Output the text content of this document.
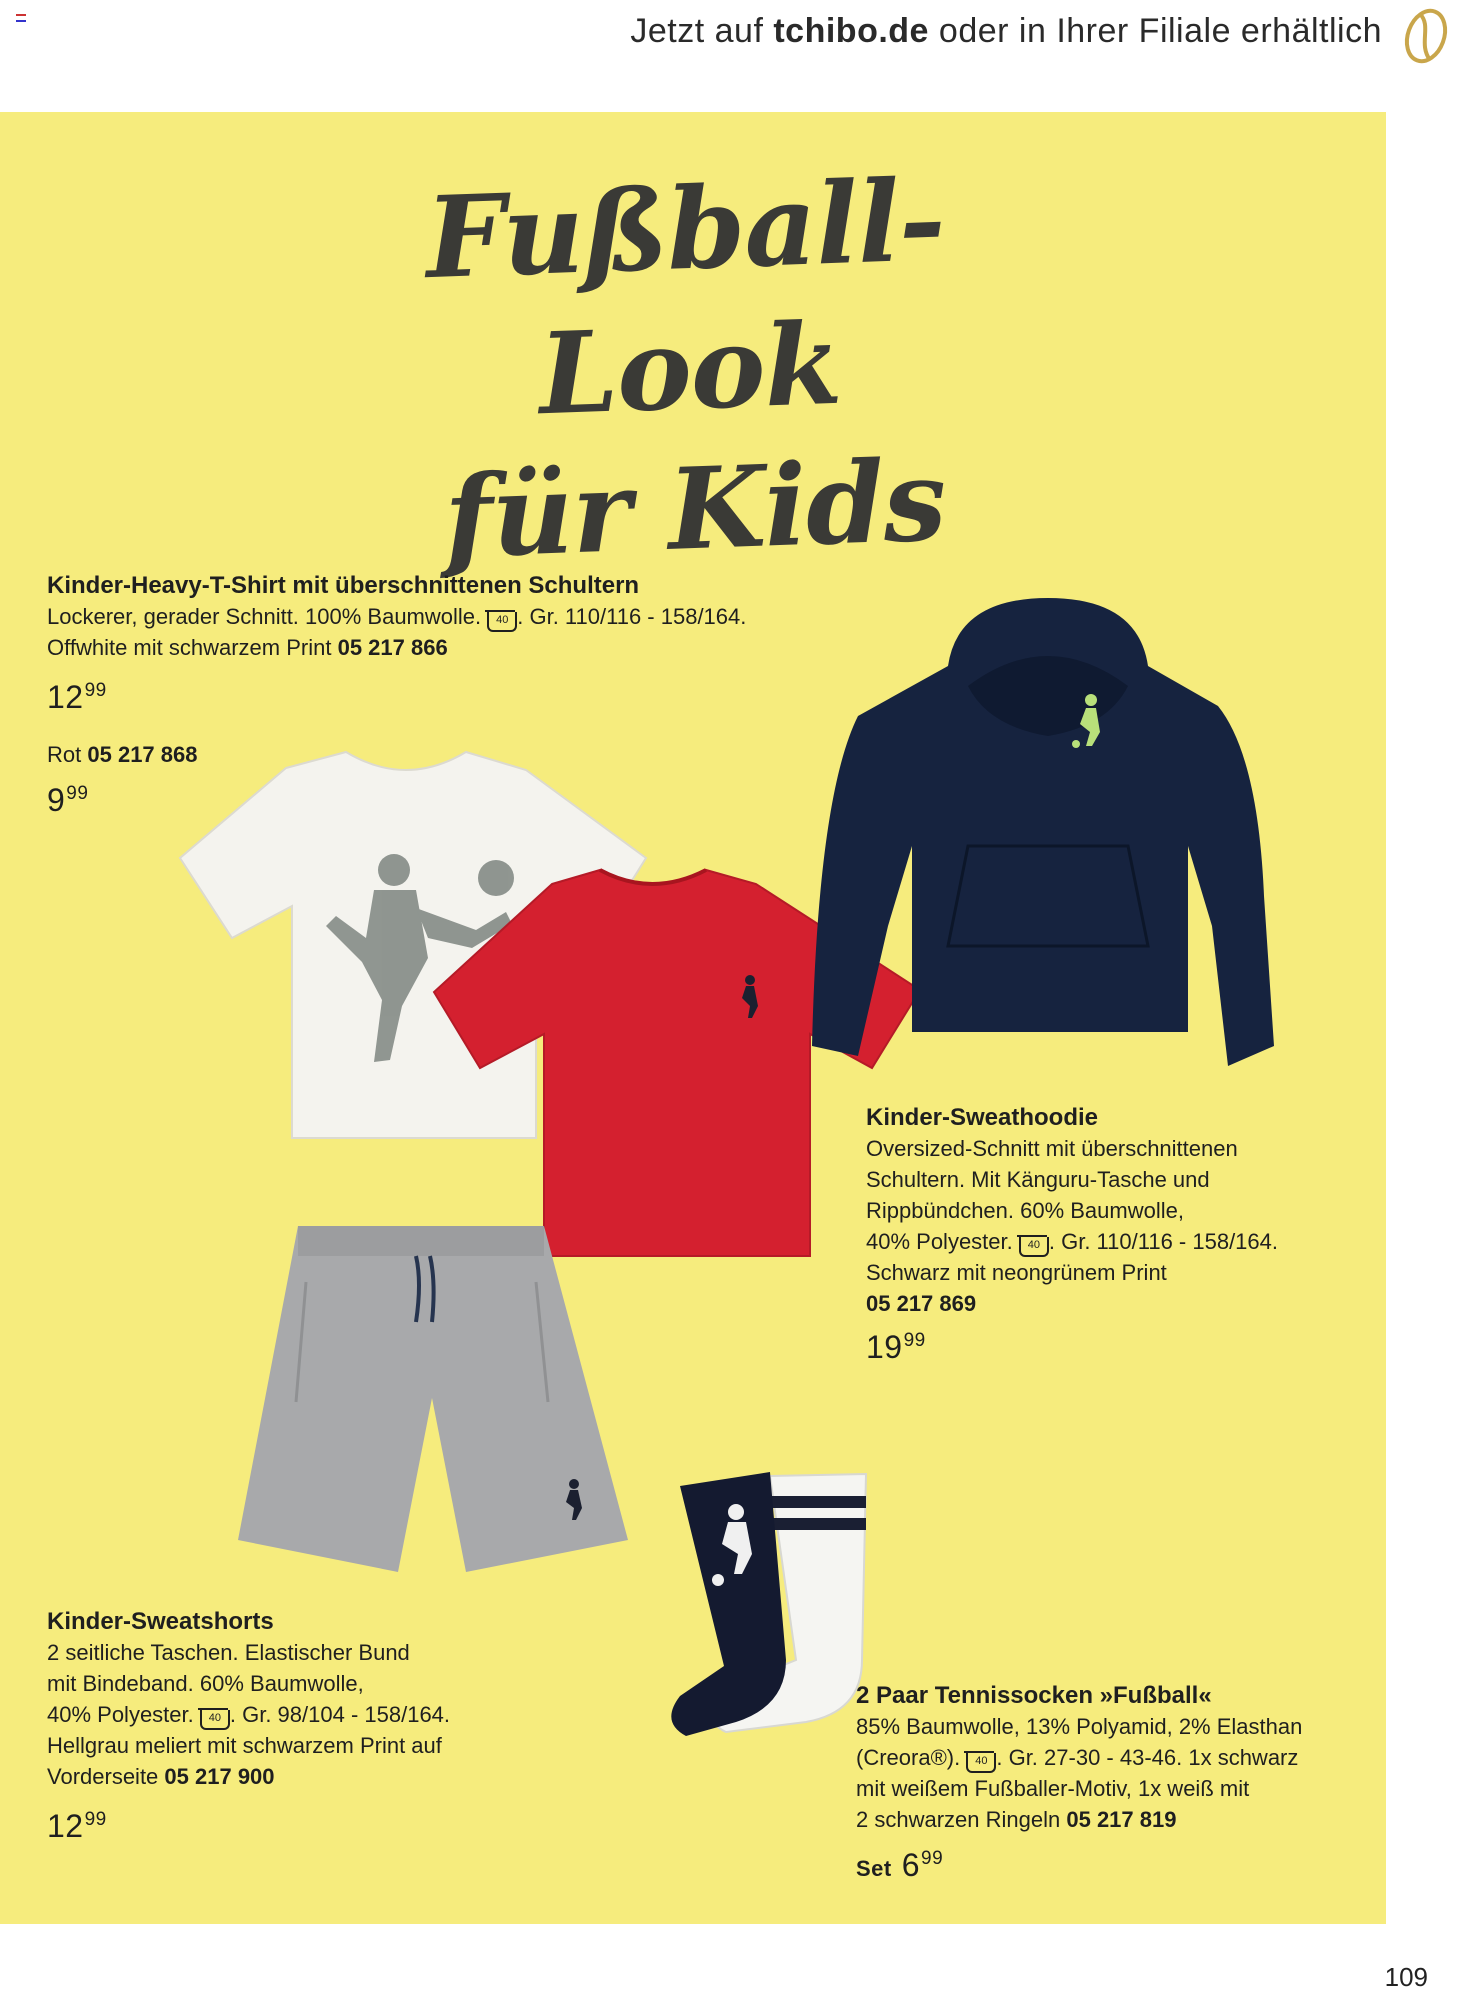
Jetzt auf tchibo.de oder in Ihrer Filiale erhältlich
Fußball-Look
für Kids
Kinder-Heavy-T-Shirt mit überschnittenen Schultern
Lockerer, gerader Schnitt. 100% Baumwolle. 40 . Gr. 110/116 - 158/164.
Offwhite mit schwarzem Print 05 217 866
$12^{99}$
Rot 05 217 868
$9^{99}$
Kinder-Sweathoodie
Oversized-Schnitt mit überschnittenen
Schultern. Mit Känguru-Tasche und
Rippbündchen. 60% Baumwolle,
40% Polyester. 40 . Gr. 110/116 - 158/164.
Schwarz mit neongrünem Print
05 217 869
$19^{99}$
Kinder-Sweatshorts
2 seitliche Taschen. Elastischer Bund
mit Bindeband. 60% Baumwolle,
40% Polyester. 40 . Gr. 98/104 - 158/164.
Hellgrau meliert mit schwarzem Print auf
Vorderseite 05 217 900
$12^{99}$
2 Paar Tennissocken »Fußball«
85% Baumwolle, 13% Polyamid, 2% Elasthan
(Creora®). 40 . Gr. 27-30 - 43-46. 1x schwarz
mit weißem Fußballer-Motiv, 1x weiß mit
2 schwarzen Ringeln 05 217 819
Set $6^{99}$
109
